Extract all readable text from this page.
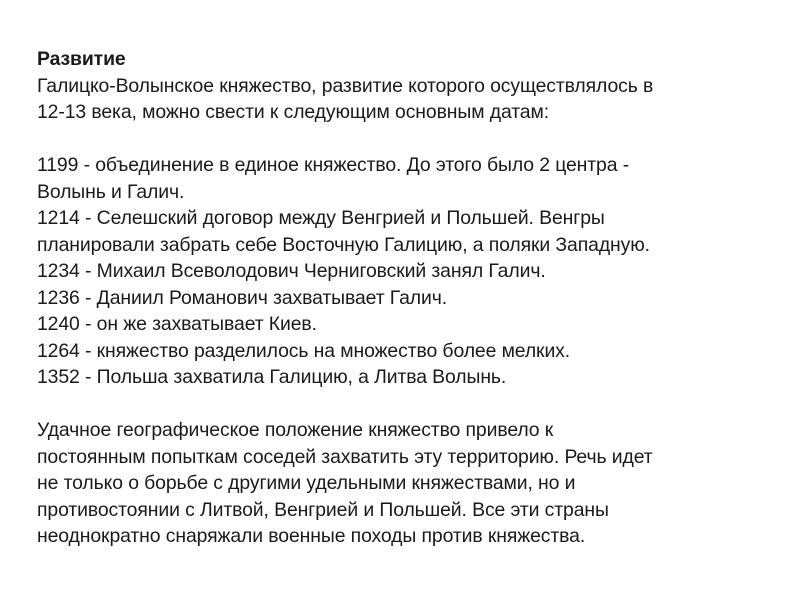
Развитие
Галицко-Волынское княжество, развитие которого осуществлялось в
12-13 века, можно свести к следующим основным датам:
1199 - объединение в единое княжество. До этого было 2 центра -
Волынь и Галич.
1214 - Селешский договор между Венгрией и Польшей. Венгры
планировали забрать себе Восточную Галицию, а поляки Западную.
1234 - Михаил Всеволодович Черниговский занял Галич.
1236 - Даниил Романович захватывает Галич.
1240 - он же захватывает Киев.
1264 - княжество разделилось на множество более мелких.
1352 - Польша захватила Галицию, а Литва Волынь.
Удачное географическое положение княжество привело к
постоянным попыткам соседей захватить эту территорию. Речь идет
не только о борьбе с другими удельными княжествами, но и
противостоянии с Литвой, Венгрией и Польшей. Все эти страны
неоднократно снаряжали военные походы против княжества.
